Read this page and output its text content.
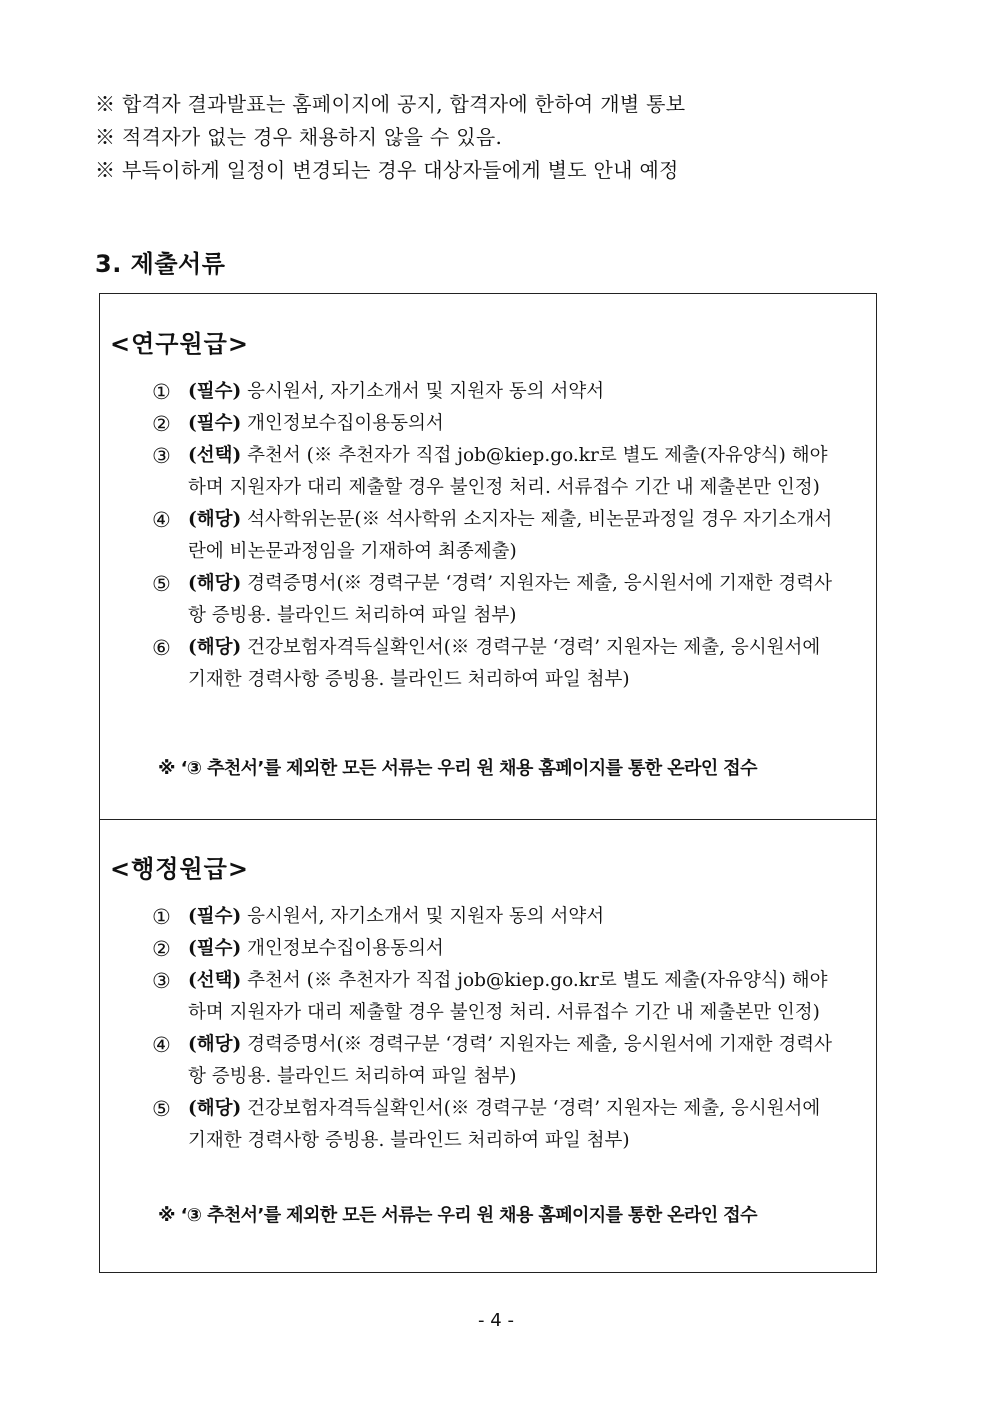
※ 합격자 결과발표는 홈페이지에 공지, 합격자에 한하여 개별 통보
※ 적격자가 없는 경우 채용하지 않을 수 있음.
※ 부득이하게 일정이 변경되는 경우 대상자들에게 별도 안내 예정
3. 제출서류
<연구원급>
① (필수) 응시원서, 자기소개서 및 지원자 동의 서약서
② (필수) 개인정보수집이용동의서
③ (선택) 추천서 (※ 추천자가 직접 job@kiep.go.kr로 별도 제출(자유양식) 해야 하며 지원자가 대리 제출할 경우 불인정 처리. 서류접수 기간 내 제출본만 인정)
④ (해당) 석사학위논문(※ 석사학위 소지자는 제출, 비논문과정일 경우 자기소개서란에 비논문과정임을 기재하여 최종제출)
⑤ (해당) 경력증명서(※ 경력구분 ‘경력’ 지원자는 제출, 응시원서에 기재한 경력사항 증빙용. 블라인드 처리하여 파일 첨부)
⑥ (해당) 건강보험자격득실확인서(※ 경력구분 ‘경력’ 지원자는 제출, 응시원서에 기재한 경력사항 증빙용. 블라인드 처리하여 파일 첨부)
※ ‘③ 추천서’를 제외한 모든 서류는 우리 원 채용 홈페이지를 통한 온라인 접수
<행정원급>
① (필수) 응시원서, 자기소개서 및 지원자 동의 서약서
② (필수) 개인정보수집이용동의서
③ (선택) 추천서 (※ 추천자가 직접 job@kiep.go.kr로 별도 제출(자유양식) 해야 하며 지원자가 대리 제출할 경우 불인정 처리. 서류접수 기간 내 제출본만 인정)
④ (해당) 경력증명서(※ 경력구분 ‘경력’ 지원자는 제출, 응시원서에 기재한 경력사항 증빙용. 블라인드 처리하여 파일 첨부)
⑤ (해당) 건강보험자격득실확인서(※ 경력구분 ‘경력’ 지원자는 제출, 응시원서에 기재한 경력사항 증빙용. 블라인드 처리하여 파일 첨부)
※ ‘③ 추천서’를 제외한 모든 서류는 우리 원 채용 홈페이지를 통한 온라인 접수
- 4 -
